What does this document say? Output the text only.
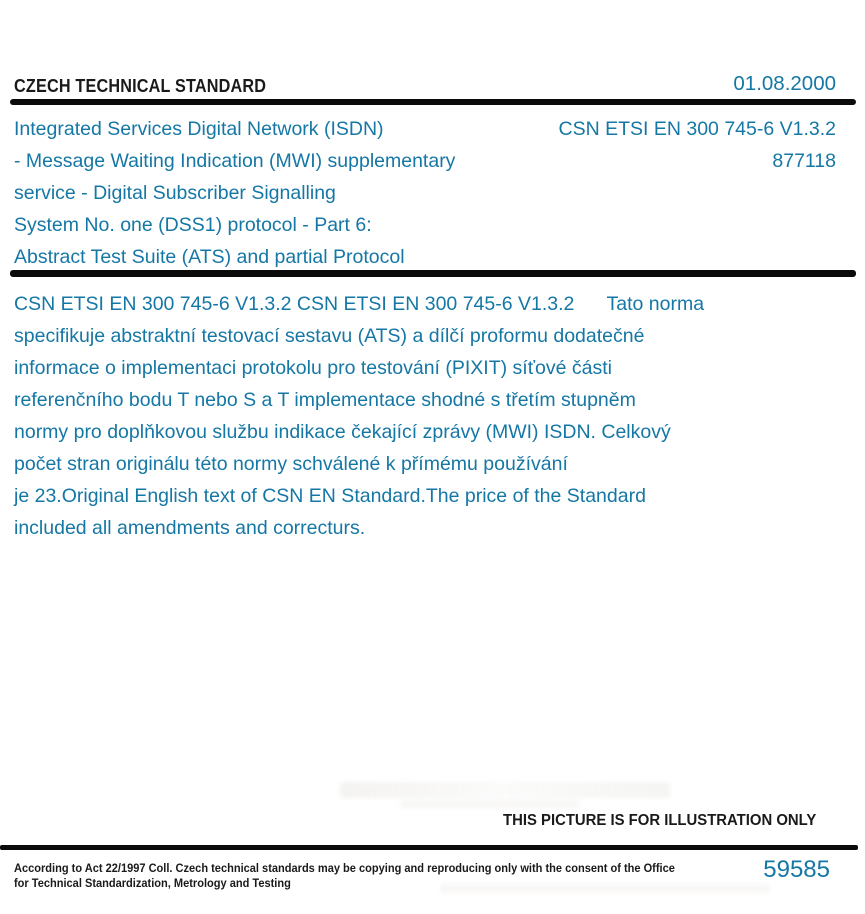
CZECH TECHNICAL STANDARD	01.08.2000
Integrated Services Digital Network (ISDN)
- Message Waiting Indication (MWI) supplementary
service - Digital Subscriber Signalling
System No. one (DSS1) protocol - Part 6:
Abstract Test Suite (ATS) and partial Protocol
CSN ETSI EN 300 745-6 V1.3.2
877118
CSN ETSI EN 300 745-6 V1.3.2 CSN ETSI EN 300 745-6 V1.3.2      Tato norma
specifikuje abstraktní testovací sestavu (ATS) a dílčí proformu dodatečné
informace o implementaci protokolu pro testování (PIXIT) síťové části
referenčního bodu T nebo S a T implementace shodné s třetím stupněm
normy pro doplňkovou službu indikace čekající zprávy (MWI) ISDN. Celkový
počet stran originálu této normy schválené k přímému používání
je 23.Original English text of CSN EN Standard.The price of the Standard
included all amendments and correcturs.
THIS PICTURE IS FOR ILLUSTRATION ONLY
According to Act 22/1997 Coll. Czech technical standards may be copying and reproducing only with the consent of the Office
for Technical Standardization, Metrology and Testing
59585
